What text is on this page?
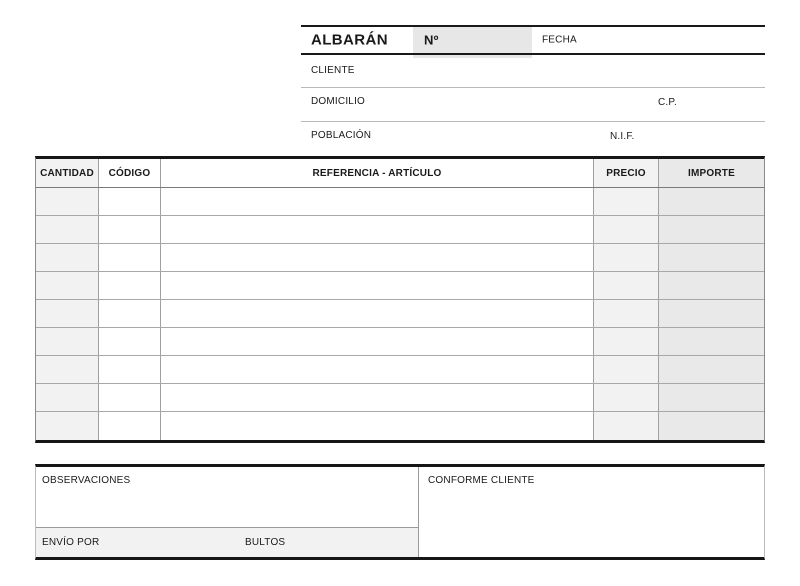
ALBARÁN	Nº	FECHA
CLIENTE
DOMICILIO	C.P.
POBLACIÓN	N.I.F.
CANTIDAD	CÓDIGO	REFERENCIA - ARTÍCULO	PRECIO	IMPORTE
OBSERVACIONES
ENVÍO POR	BULTOS
CONFORME CLIENTE
